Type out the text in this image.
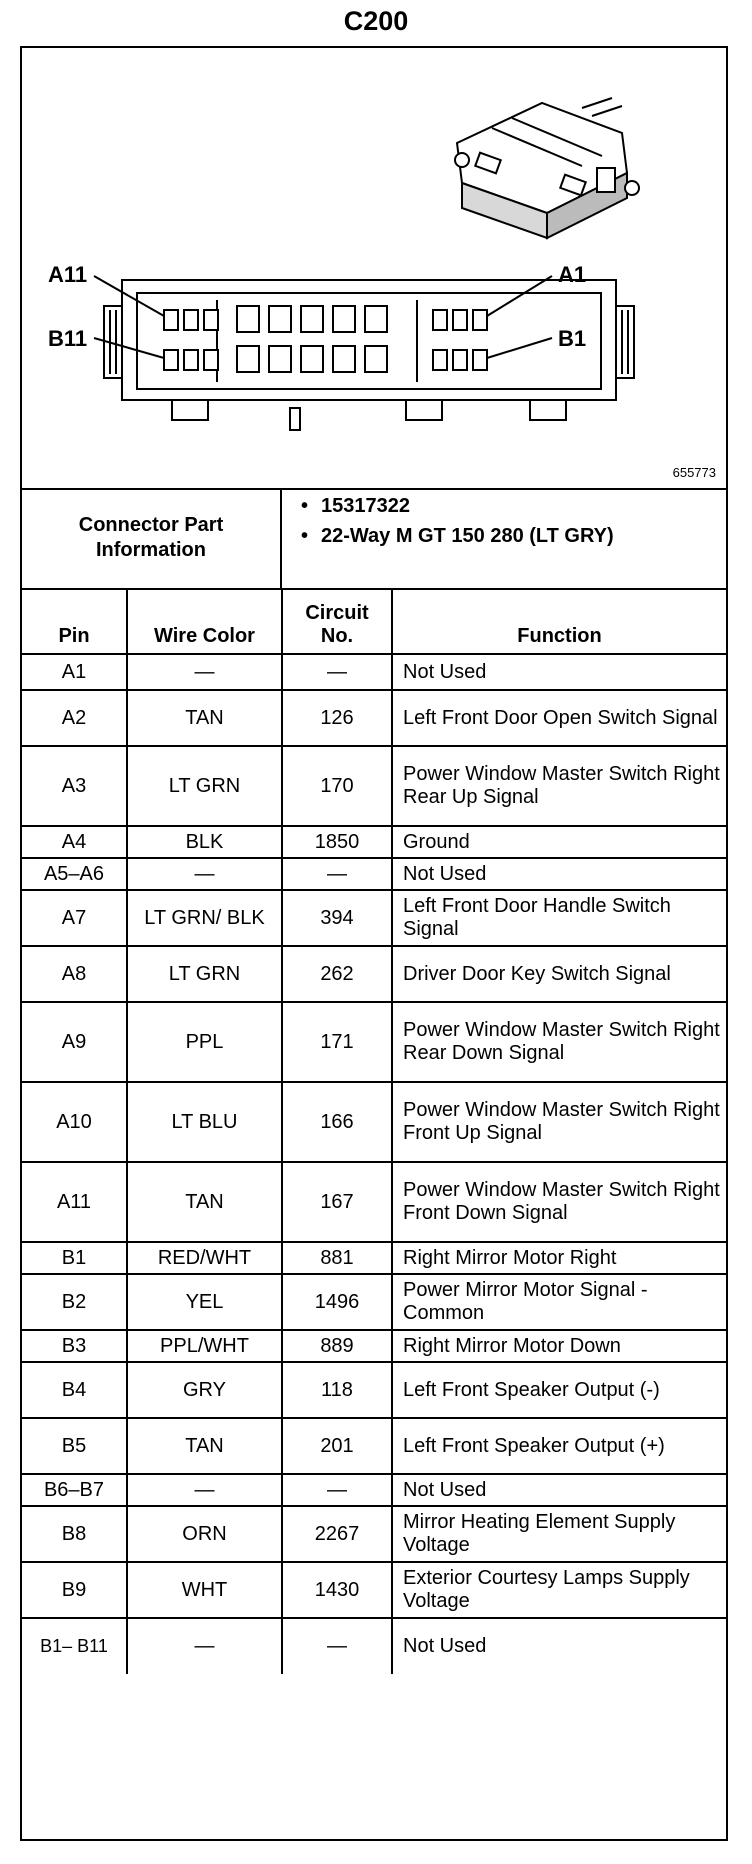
C200
A11	A1
B11	B1
655773
Connector Part Information
• 15317322
• 22-Way M GT 150 280 (LT GRY)
Pin	Wire Color	Circuit No.	Function
A1	—	—	Not Used
A2	TAN	126	Left Front Door Open Switch Signal
A3	LT GRN	170	Power Window Master Switch Right Rear Up Signal
A4	BLK	1850	Ground
A5–A6	—	—	Not Used
A7	LT GRN/ BLK	394	Left Front Door Handle Switch Signal
A8	LT GRN	262	Driver Door Key Switch Signal
A9	PPL	171	Power Window Master Switch Right Rear Down Signal
A10	LT BLU	166	Power Window Master Switch Right Front Up Signal
A11	TAN	167	Power Window Master Switch Right Front Down Signal
B1	RED/WHT	881	Right Mirror Motor Right
B2	YEL	1496	Power Mirror Motor Signal - Common
B3	PPL/WHT	889	Right Mirror Motor Down
B4	GRY	118	Left Front Speaker Output (-)
B5	TAN	201	Left Front Speaker Output (+)
B6–B7	—	—	Not Used
B8	ORN	2267	Mirror Heating Element Supply Voltage
B9	WHT	1430	Exterior Courtesy Lamps Supply Voltage
B1– B11	—	—	Not Used
